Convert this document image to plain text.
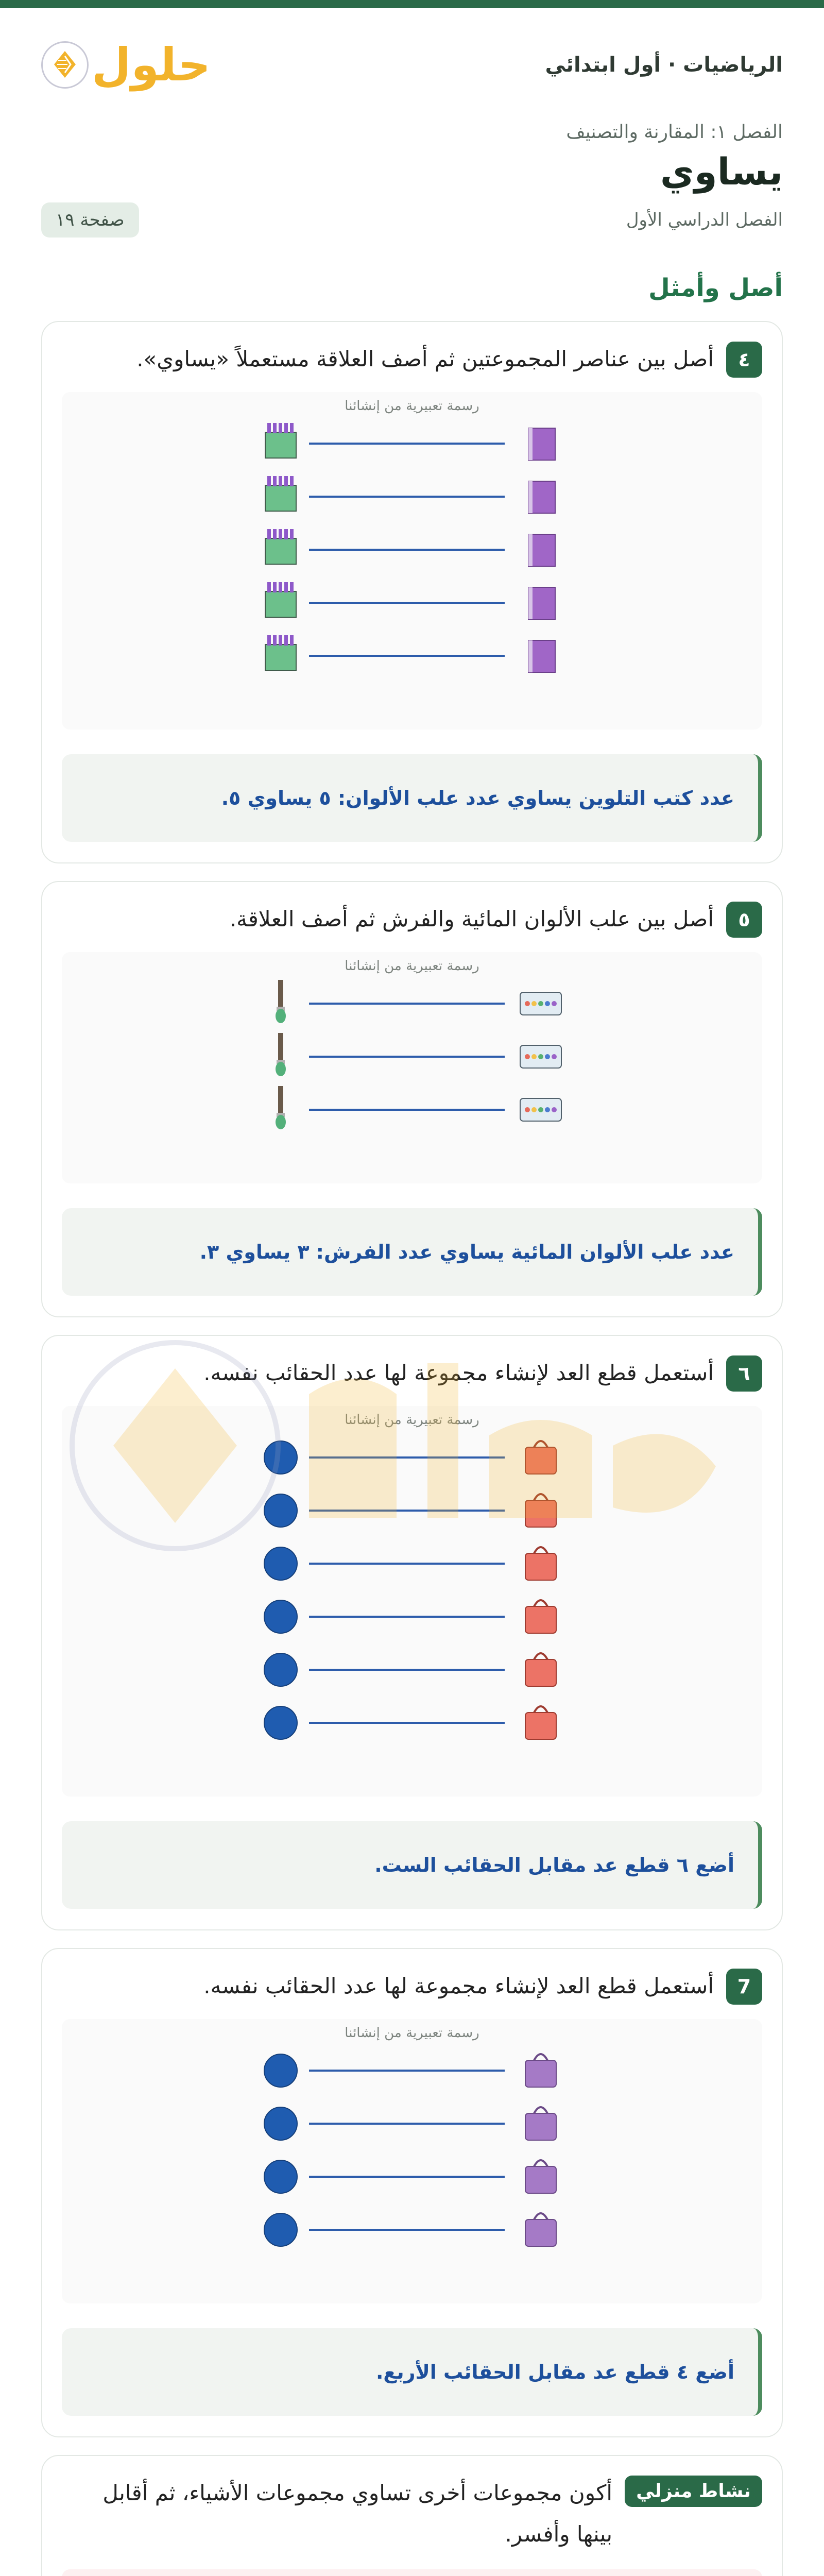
الرياضيات · أول ابتدائي
حلول
الفصل ١: المقارنة والتصنيف
يساوي
الفصل الدراسي الأول
صفحة ١٩
أصل وأمثل
٤

أصل بين عناصر المجموعتين ثم أصف العلاقة مستعملاً «يساوي».

رسمة تعبيرية من إنشائنا

عدد كتب التلوين يساوي عدد علب الألوان: ٥ يساوي ٥.

٥

أصل بين علب الألوان المائية والفرش ثم أصف العلاقة.

رسمة تعبيرية من إنشائنا

عدد علب الألوان المائية يساوي عدد الفرش: ٣ يساوي ٣.

٦

أستعمل قطع العد لإنشاء مجموعة لها عدد الحقائب نفسه.

رسمة تعبيرية من إنشائنا

أضع ٦ قطع عد مقابل الحقائب الست.

7

أستعمل قطع العد لإنشاء مجموعة لها عدد الحقائب نفسه.

رسمة تعبيرية من إنشائنا

أضع ٤ قطع عد مقابل الحقائب الأربع.

نشاط منزلي

أكون مجموعات أخرى تساوي مجموعات الأشياء، ثم أقابل بينها وأفسر.
